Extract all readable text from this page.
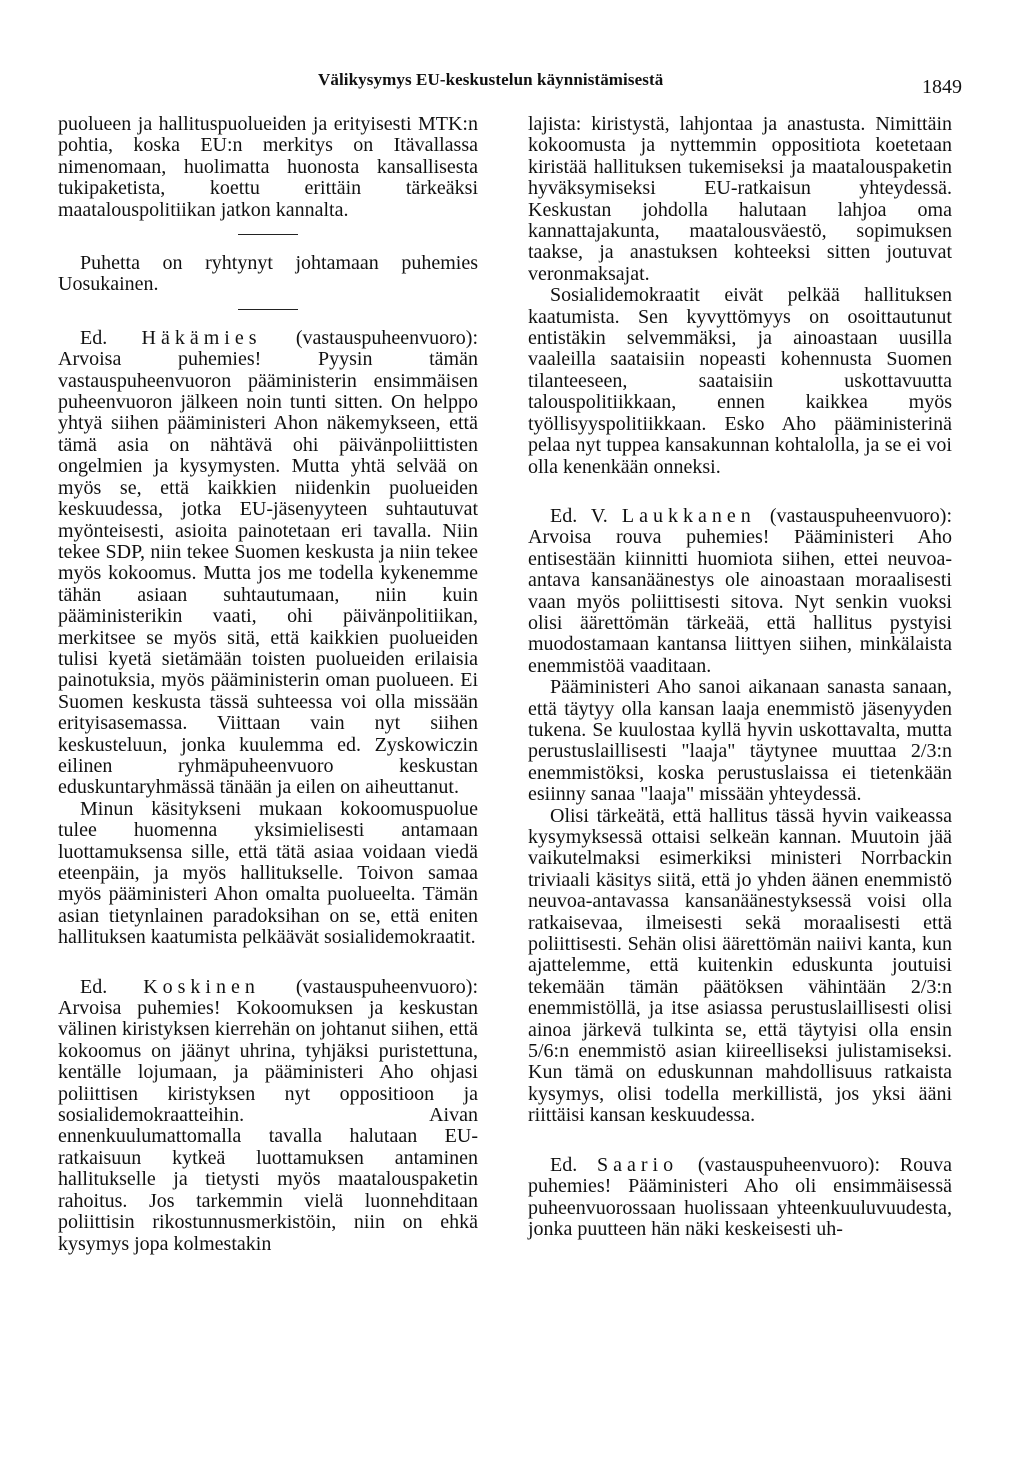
Välikysymys EU-keskustelun käynnistämisestä	1849

puolueen ja hallituspuolueiden ja erityisesti MTK:n pohtia, koska EU:n merkitys on Itävallassa nimenomaan, huolimatta huonosta kansallisesta tukipaketista, koettu erittäin tärkeäksi maatalouspolitiikan jatkon kannalta.

Puhetta on ryhtynyt johtamaan puhemies Uosukainen.

Ed. Häkämies (vastauspuheenvuoro): Arvoisa puhemies! Pyysin tämän vastauspuheenvuoron pääministerin ensimmäisen puheenvuoron jälkeen noin tunti sitten. On helppo yhtyä siihen pääministeri Ahon näkemykseen, että tämä asia on nähtävä ohi päivänpoliittisten ongelmien ja kysymysten. Mutta yhtä selvää on myös se, että kaikkien niidenkin puolueiden keskuudessa, jotka EU-jäsenyyteen suhtautuvat myönteisesti, asioita painotetaan eri tavalla. Niin tekee SDP, niin tekee Suomen keskusta ja niin tekee myös kokoomus. Mutta jos me todella kykenemme tähän asiaan suhtautumaan, niin kuin pääministerikin vaati, ohi päivänpolitiikan, merkitsee se myös sitä, että kaikkien puolueiden tulisi kyetä sietämään toisten puolueiden erilaisia painotuksia, myös pääministerin oman puolueen. Ei Suomen keskusta tässä suhteessa voi olla missään erityisasemassa. Viittaan vain nyt siihen keskusteluun, jonka kuulemma ed. Zyskowiczin eilinen ryhmäpuheenvuoro keskustan eduskuntaryhmässä tänään ja eilen on aiheuttanut.

Minun käsitykseni mukaan kokoomuspuolue tulee huomenna yksimielisesti antamaan luottamuksensa sille, että tätä asiaa voidaan viedä eteenpäin, ja myös hallitukselle. Toivon samaa myös pääministeri Ahon omalta puolueelta. Tämän asian tietynlainen paradoksihan on se, että eniten hallituksen kaatumista pelkäävät sosialidemokraatit.

Ed. Koskinen (vastauspuheenvuoro): Arvoisa puhemies! Kokoomuksen ja keskustan välinen kiristyksen kierrehän on johtanut siihen, että kokoomus on jäänyt uhrina, tyhjäksi puristettuna, kentälle lojumaan, ja pääministeri Aho ohjasi poliittisen kiristyksen nyt oppositioon ja sosialidemokraatteihin. Aivan ennenkuulumattomalla tavalla halutaan EU-ratkaisuun kytkeä luottamuksen antaminen hallitukselle ja tietysti myös maatalouspaketin rahoitus. Jos tarkemmin vielä luonnehditaan poliittisin rikostunnusmerkistöin, niin on ehkä kysymys jopa kolmestakin

lajista: kiristystä, lahjontaa ja anastusta. Nimittäin kokoomusta ja nyttemmin oppositiota koetetaan kiristää hallituksen tukemiseksi ja maatalouspaketin hyväksymiseksi EU-ratkaisun yhteydessä. Keskustan johdolla halutaan lahjoa oma kannattajakunta, maatalousväestö, sopimuksen taakse, ja anastuksen kohteeksi sitten joutuvat veronmaksajat.

Sosialidemokraatit eivät pelkää hallituksen kaatumista. Sen kyvyttömyys on osoittautunut entistäkin selvemmäksi, ja ainoastaan uusilla vaaleilla saataisiin nopeasti kohennusta Suomen tilanteeseen, saataisiin uskottavuutta talouspolitiikkaan, ennen kaikkea myös työllisyyspolitiikkaan. Esko Aho pääministerinä pelaa nyt tuppea kansakunnan kohtalolla, ja se ei voi olla kenenkään onneksi.

Ed. V. Laukkanen (vastauspuheenvuoro): Arvoisa rouva puhemies! Pääministeri Aho entisestään kiinnitti huomiota siihen, ettei neuvoa-antava kansanäänestys ole ainoastaan moraalisesti vaan myös poliittisesti sitova. Nyt senkin vuoksi olisi äärettömän tärkeää, että hallitus pystyisi muodostamaan kantansa liittyen siihen, minkälaista enemmistöä vaaditaan.

Pääministeri Aho sanoi aikanaan sanasta sanaan, että täytyy olla kansan laaja enemmistö jäsenyyden tukena. Se kuulostaa kyllä hyvin uskottavalta, mutta perustuslaillisesti "laaja" täytynee muuttaa 2/3:n enemmistöksi, koska perustuslaissa ei tietenkään esiinny sanaa "laaja" missään yhteydessä.

Olisi tärkeätä, että hallitus tässä hyvin vaikeassa kysymyksessä ottaisi selkeän kannan. Muutoin jää vaikutelmaksi esimerkiksi ministeri Norrbackin triviaali käsitys siitä, että jo yhden äänen enemmistö neuvoa-antavassa kansanäänestyksessä voisi olla ratkaisevaa, ilmeisesti sekä moraalisesti että poliittisesti. Sehän olisi äärettömän naiivi kanta, kun ajattelemme, että kuitenkin eduskunta joutuisi tekemään tämän päätöksen vähintään 2/3:n enemmistöllä, ja itse asiassa perustuslaillisesti olisi ainoa järkevä tulkinta se, että täytyisi olla ensin 5/6:n enemmistö asian kiireelliseksi julistamiseksi. Kun tämä on eduskunnan mahdollisuus ratkaista kysymys, olisi todella merkillistä, jos yksi ääni riittäisi kansan keskuudessa.

Ed. Saario (vastauspuheenvuoro): Rouva puhemies! Pääministeri Aho oli ensimmäisessä puheenvuorossaan huolissaan yhteenkuuluvuudesta, jonka puutteen hän näki keskeisesti uh-
